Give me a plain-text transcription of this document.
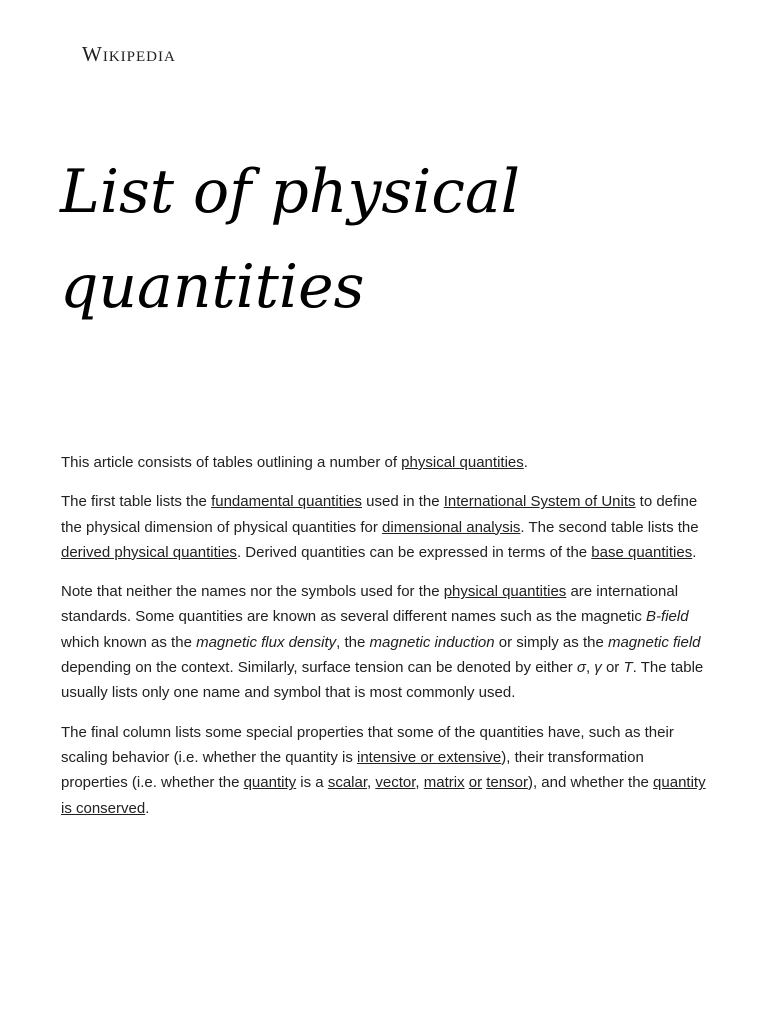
Wikipedia
List of physical quantities

This article consists of tables outlining a number of physical quantities.

The first table lists the fundamental quantities used in the International System of Units to define the physical dimension of physical quantities for dimensional analysis. The second table lists the derived physical quantities. Derived quantities can be expressed in terms of the base quantities.

Note that neither the names nor the symbols used for the physical quantities are international standards. Some quantities are known as several different names such as the magnetic B-field which known as the magnetic flux density, the magnetic induction or simply as the magnetic field depending on the context. Similarly, surface tension can be denoted by either σ, γ or T. The table usually lists only one name and symbol that is most commonly used.

The final column lists some special properties that some of the quantities have, such as their scaling behavior (i.e. whether the quantity is intensive or extensive), their transformation properties (i.e. whether the quantity is a scalar, vector, matrix or tensor), and whether the quantity is conserved.
